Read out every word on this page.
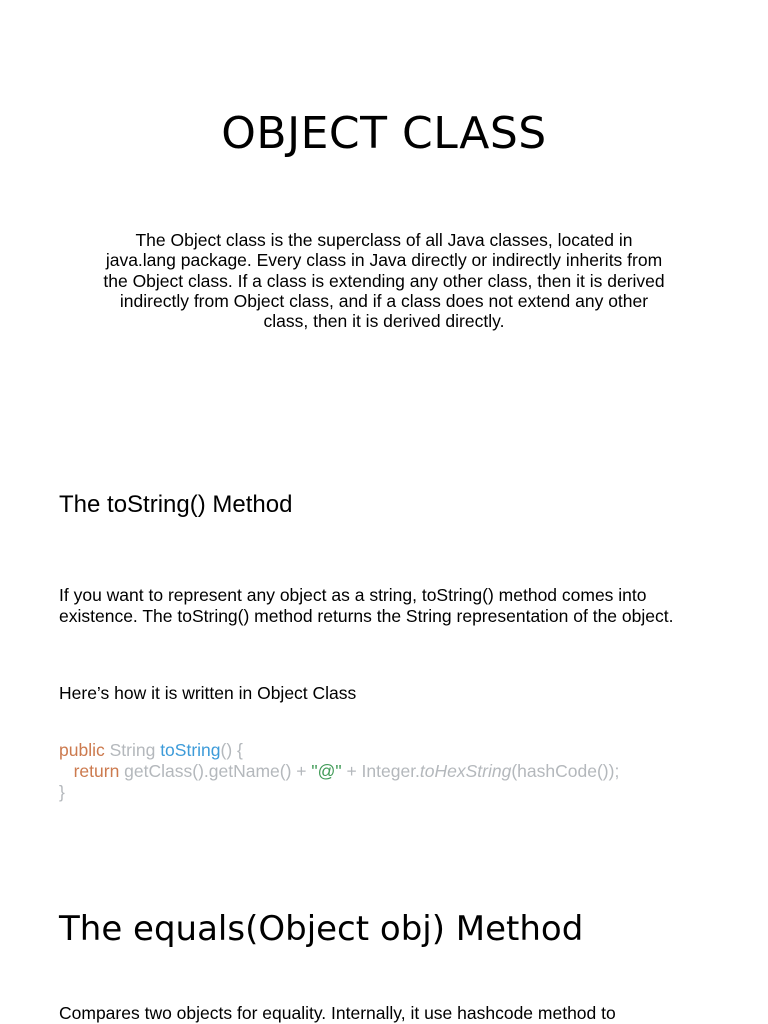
OBJECT CLASS

The Object class is the superclass of all Java classes, located in java.lang package. Every class in Java directly or indirectly inherits from the Object class. If a class is extending any other class, then it is derived indirectly from Object class, and if a class does not extend any other class, then it is derived directly.

The toString() Method

If you want to represent any object as a string, toString() method comes into existence. The toString() method returns the String representation of the object.

Here’s how it is written in Object Class

public String toString() {
return getClass().getName() + "@" + Integer.toHexString(hashCode());
}
The equals(Object obj) Method

Compares two objects for equality. Internally, it use hashcode method to
